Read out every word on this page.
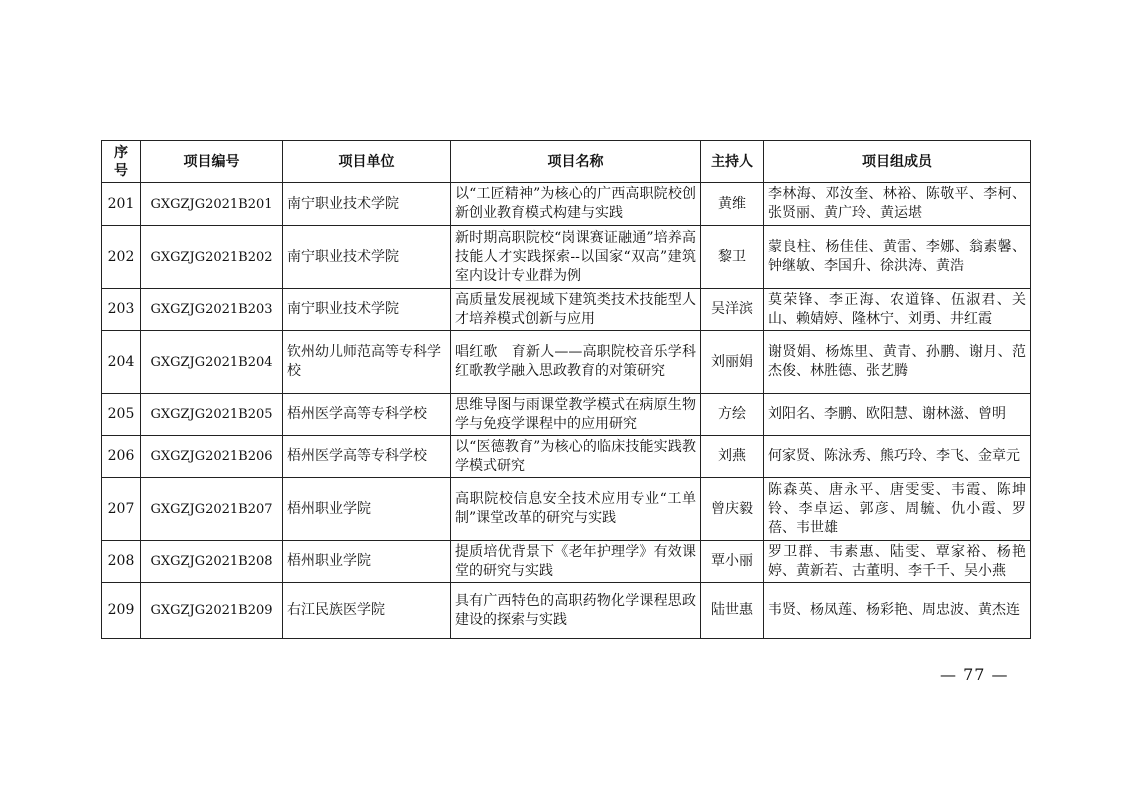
序号	项目编号	项目单位	项目名称	主持人	项目组成员
201	GXGZJG2021B201	南宁职业技术学院	以“工匠精神”为核心的广西高职院校创新创业教育模式构建与实践	黄维	李林海、邓汝奎、林裕、陈敬平、李柯、张贤丽、黄广玲、黄运堪
202	GXGZJG2021B202	南宁职业技术学院	新时期高职院校“岗课赛证融通”培养高技能人才实践探索--以国家“双高”建筑室内设计专业群为例	黎卫	蒙良柱、杨佳佳、黄雷、李娜、翁素馨、钟继敏、李国升、徐洪涛、黄浩
203	GXGZJG2021B203	南宁职业技术学院	高质量发展视域下建筑类技术技能型人才培养模式创新与应用	吴洋滨	莫荣锋、李正海、农道锋、伍淑君、关山、赖婧婷、隆林宁、刘勇、井红霞
204	GXGZJG2021B204	钦州幼儿师范高等专科学校	唱红歌　育新人——高职院校音乐学科红歌教学融入思政教育的对策研究	刘丽娟	谢贤娟、杨炼里、黄青、孙鹏、谢月、范杰俊、林胜德、张艺腾
205	GXGZJG2021B205	梧州医学高等专科学校	思维导图与雨课堂教学模式在病原生物学与免疫学课程中的应用研究	方绘	刘阳名、李鹏、欧阳慧、谢林滋、曾明
206	GXGZJG2021B206	梧州医学高等专科学校	以“医德教育”为核心的临床技能实践教学模式研究	刘燕	何家贤、陈泳秀、熊巧玲、李飞、金章元
207	GXGZJG2021B207	梧州职业学院	高职院校信息安全技术应用专业“工单制”课堂改革的研究与实践	曾庆毅	陈森英、唐永平、唐雯雯、韦霞、陈坤铃、李卓运、郭彦、周毓、仇小霞、罗蓓、韦世雄
208	GXGZJG2021B208	梧州职业学院	提质培优背景下《老年护理学》有效课堂的研究与实践	覃小丽	罗卫群、韦素惠、陆雯、覃家裕、杨艳婷、黄新若、古董明、李千千、吴小燕
209	GXGZJG2021B209	右江民族医学院	具有广西特色的高职药物化学课程思政建设的探索与实践	陆世惠	韦贤、杨凤莲、杨彩艳、周忠波、黄杰连
— 77 —
